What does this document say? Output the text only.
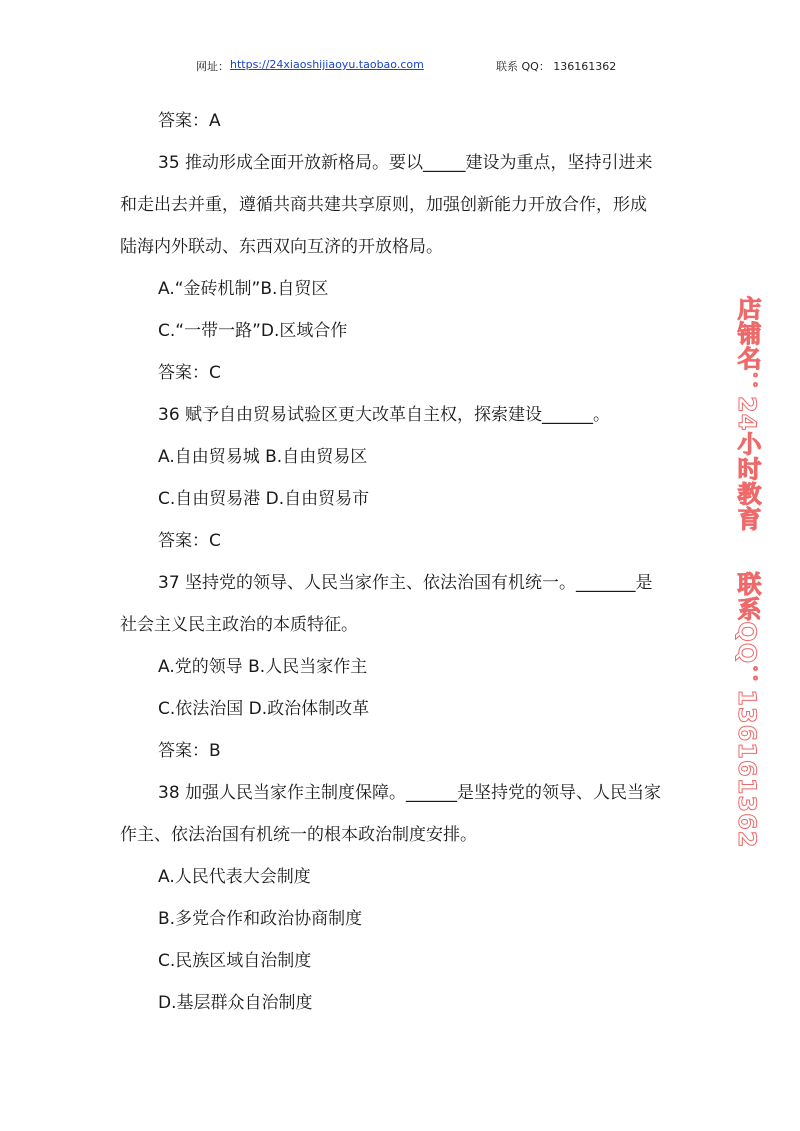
网址： https://24xiaoshijiaoyu.taobao.com	联系 QQ： 136161362

答案：A

35 推动形成全面开放新格局。要以_____建设为重点，坚持引进来

和走出去并重，遵循共商共建共享原则，加强创新能力开放合作，形成

陆海内外联动、东西双向互济的开放格局。

A.“金砖机制”B.自贸区

C.“一带一路”D.区域合作

答案：C

36 赋予自由贸易试验区更大改革自主权，探索建设______。

A.自由贸易城 B.自由贸易区

C.自由贸易港 D.自由贸易市

答案：C

37 坚持党的领导、人民当家作主、依法治国有机统一。_______是

社会主义民主政治的本质特征。

A.党的领导 B.人民当家作主

C.依法治国 D.政治体制改革

答案：B

38 加强人民当家作主制度保障。______是坚持党的领导、人民当家

作主、依法治国有机统一的根本政治制度安排。

A.人民代表大会制度

B.多党合作和政治协商制度

C.民族区域自治制度

D.基层群众自治制度

店铺名：24小时教育联系QQ：136161362
